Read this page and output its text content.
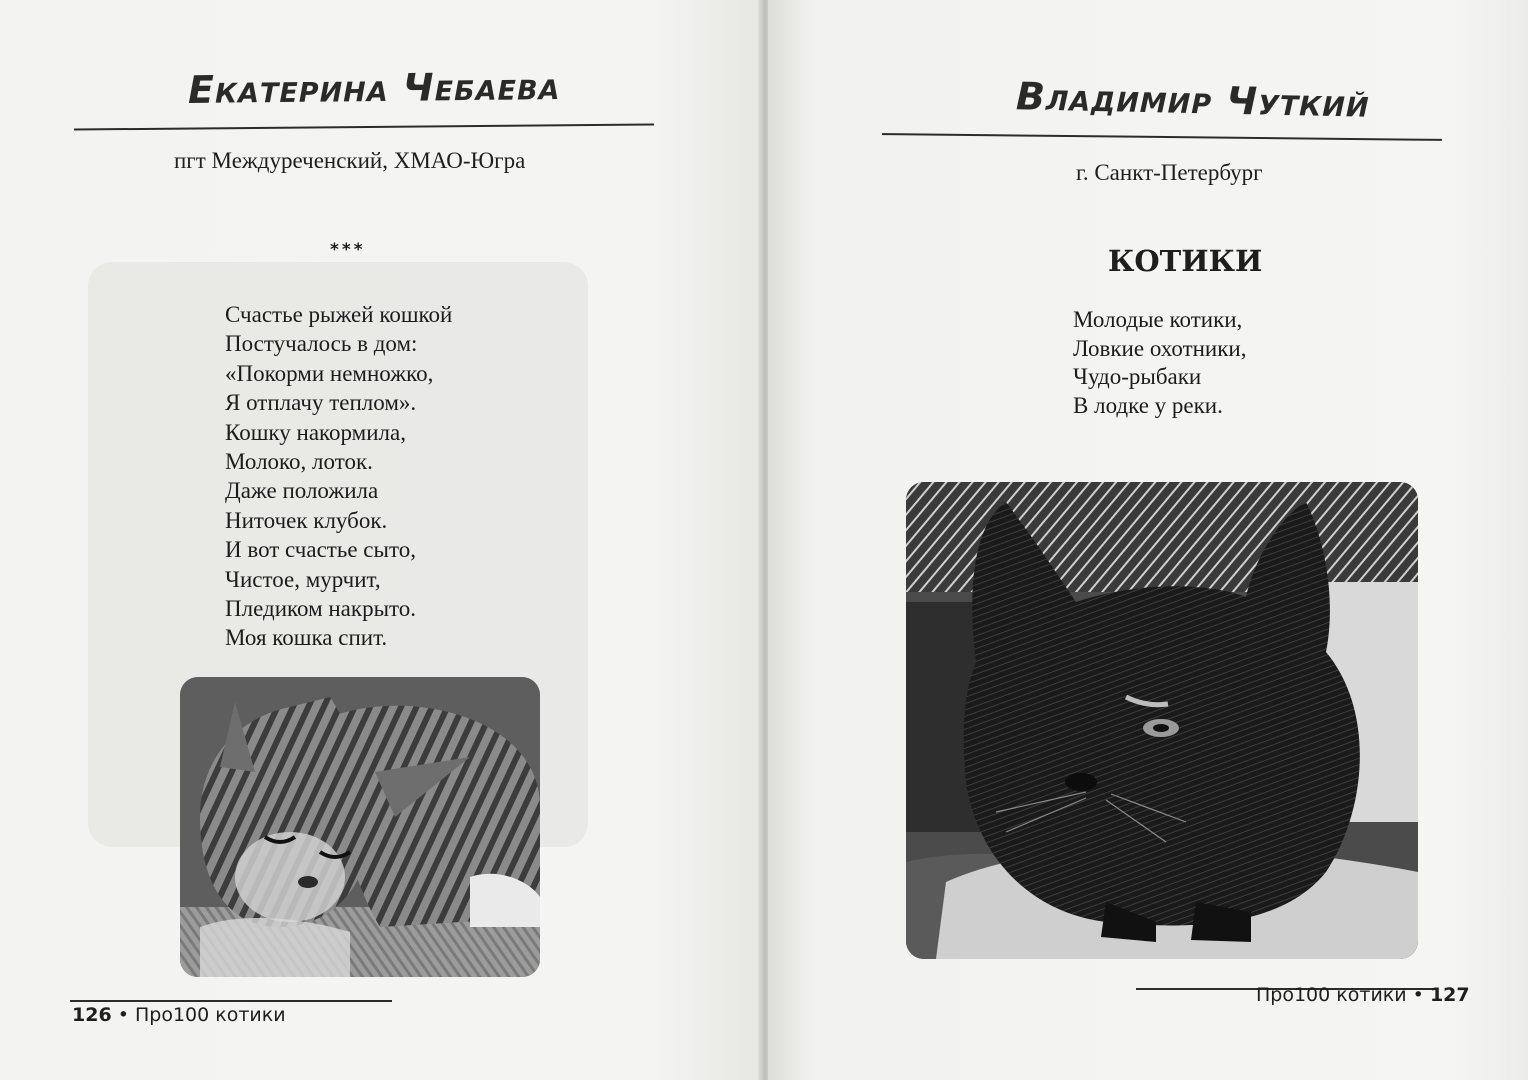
Екатерина Чебаева
пгт Междуреченский, ХМАО-Югра
***
Счастье рыжей кошкой
Постучалось в дом:
«Покорми немножко,
Я отплачу теплом».
Кошку накормила,
Молоко, лоток.
Даже положила
Ниточек клубок.
И вот счастье сыто,
Чистое, мурчит,
Пледиком накрыто.
Моя кошка спит.
126 • Про100 котики
Владимир Чуткий
г. Санкт-Петербург
КОТИКИ
Молодые котики,
Ловкие охотники,
Чудо-рыбаки
В лодке у реки.
Про100 котики • 127
